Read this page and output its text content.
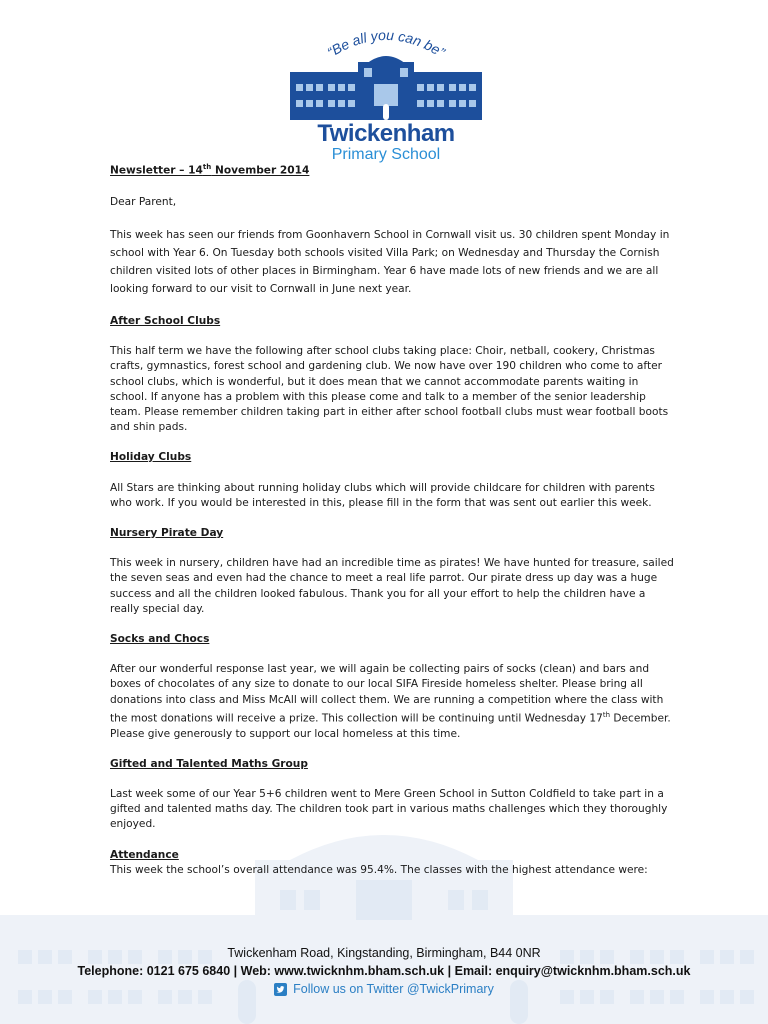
“Be all you can be”
Twickenham
Primary School

Newsletter – 14th November 2014

Dear Parent,

This week has seen our friends from Goonhavern School in Cornwall visit us. 30 children spent Monday in school with Year 6. On Tuesday both schools visited Villa Park; on Wednesday and Thursday the Cornish children visited lots of other places in Birmingham. Year 6 have made lots of new friends and we are all looking forward to our visit to Cornwall in June next year.

After School Clubs

This half term we have the following after school clubs taking place: Choir, netball, cookery, Christmas crafts, gymnastics, forest school and gardening club. We now have over 190 children who come to after school clubs, which is wonderful, but it does mean that we cannot accommodate parents waiting in school. If anyone has a problem with this please come and talk to a member of the senior leadership team. Please remember children taking part in either after school football clubs must wear football boots and shin pads.

Holiday Clubs

All Stars are thinking about running holiday clubs which will provide childcare for children with parents who work. If you would be interested in this, please fill in the form that was sent out earlier this week.

Nursery Pirate Day

This week in nursery, children have had an incredible time as pirates! We have hunted for treasure, sailed the seven seas and even had the chance to meet a real life parrot. Our pirate dress up day was a huge success and all the children looked fabulous. Thank you for all your effort to help the children have a really special day.

Socks and Chocs

After our wonderful response last year, we will again be collecting pairs of socks (clean) and bars and boxes of chocolates of any size to donate to our local SIFA Fireside homeless shelter. Please bring all donations into class and Miss McAll will collect them. We are running a competition where the class with the most donations will receive a prize. This collection will be continuing until Wednesday 17th December. Please give generously to support our local homeless at this time.

Gifted and Talented Maths Group

Last week some of our Year 5+6 children went to Mere Green School in Sutton Coldfield to take part in a gifted and talented maths day. The children took part in various maths challenges which they thoroughly enjoyed.

Attendance

This week the school’s overall attendance was 95.4%. The classes with the highest attendance were:

Twickenham Road, Kingstanding, Birmingham, B44 0NR
Telephone: 0121 675 6840 | Web: www.twicknhm.bham.sch.uk | Email: enquiry@twicknhm.bham.sch.uk
Follow us on Twitter @TwickPrimary
